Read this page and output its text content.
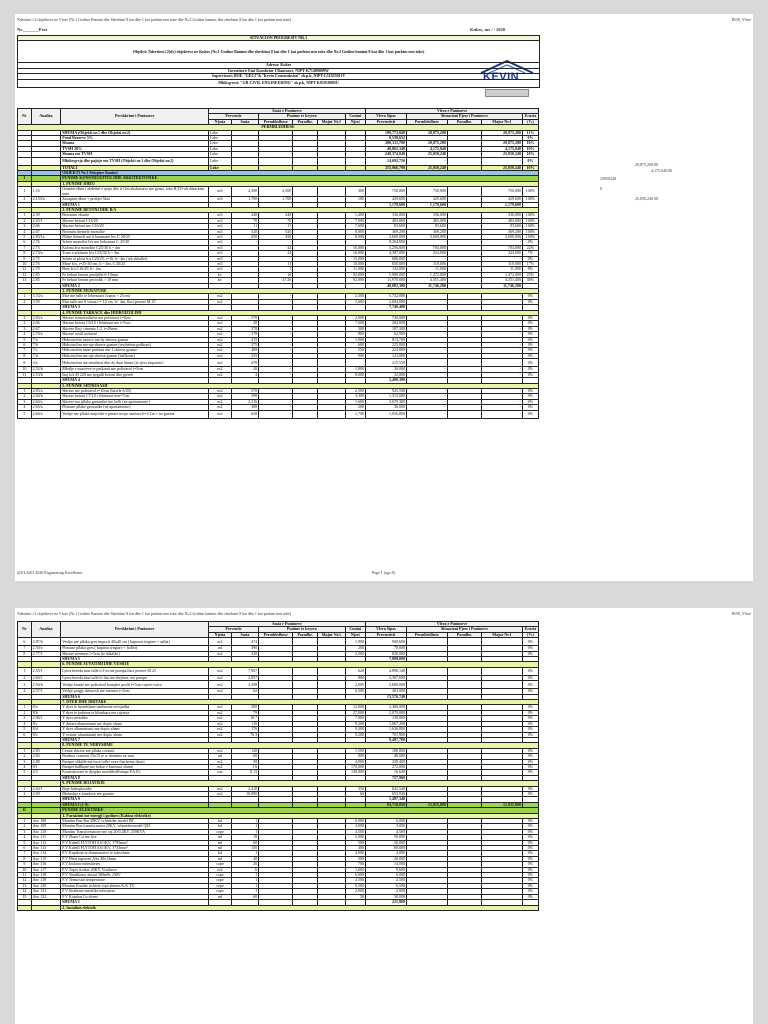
Ndertimi i 2 objekteve ne Vlore (Nr.1 Godine Banimi dhe Sherbimi 8 kat dhe 1 kat parkim nen toke dhe Nr.2 Godine banimi dhe sherbimi 8 kat dhe 1 kat parkim nen toke)	BOE_Vlore
Nr._______Prot	Kukes, me / / 2020
KEVIN
SITUACION PROGRESIV NR.1
Objekti: Ndertimi i 2(dy) objekteve ne Kukes (Nr.1 Godine Banimi dhe sherbimi 8 kat dhe 1 kat parkim nen toke dhe Nr.2 Godine banimi 8 kat dhe 1 kat parkim nen toke)
Adresa: Kukes
Investitori: Emi Kombetar I Banesave, NIPT-K71409009W
Supervizori: BOE "GECI"&"Kevin Construksion" sh.p.k, NIPT-L51925011V
Mbikqyresi: "GR CIVIL ENGINEERING" sh.p.k, NIPT-K91818005U
Nr	Analiza	Pershkrimi i Punimeve	Sasia e Punimeve						Vlera e Punimeve				
			Preventiv		Punime te kryera			Cmimi	Vlera Sipas	Situacioni Pjese i Punimeve			Ecuria
			Njesia	Sasia	Permbledhese	Pozadhe.	Majur Nr.1	Njesi	Preventivit	Permbledhese	Pozadhe.	Majur Nr.1	(%)
PERMBLEDHESE													
		SHUMA (Objekti nr.1 dhe Objekti nr.2)	Leke						190,773,040	20,875,200		20,875,200	11%
		Fond Rezerve 5%	Leke						9,538,652				0%
		Shuma	Leke						200,311,700	20,875,200		20,875,200	10%
		TVSH 20%	Leke						40,062,340	4,175,040		4,175,040	10%
		Shuma me TVSH	Leke						240,374,040	25,050,240		25,050,240	10%
		Mbikeqyrja dhe pajisje me TVSH (Objekti nr.1 dhe Objekti nr.2)	Leke						14,692,750	-		-	0%
		TOTALI	Leke						255,066,790	25,050,240		25,050,240	10%
		OBJEKTI Nr.1 Shtepine Banimi											
I		PUNIME KONSTRUKTIVE DHE ARKITEKTONIKE											
		1. PUNIME DHEU											
1	1.16	Germim dheu i zhdeshe e qerja dhe tr+2m ekskavator me goma, toka B,ZO-ali shkarkim auto	m3	2,500	2,500			300	750,000	750,000		750,000	100%
2	2.153/a	Zasupimi dheu + probjet 5km	m3	1,700	1,700			180	429,600	429,600		429,600	100%
		SHUMA 1							1,179,600	1,179,600		1,179,600	
		2. PUNIME BETONI DHE B/A											
1	2.39	Betonimi ekarite	m3	240	240			1,400	336,000	336,000		336,000	100%
2	2.65/1	Shtrese betoni C16/20	m3	70	70			7,000	483,000	483,000		483,000	100%
3	2.66	Shtrese betoni me C16/20	m3	11	11			7,600	83,600	83,600		83,600	100%
4	2.67	Betonim themele monolite	m3	520	520			8,000	369,200	369,200		369,200	100%
5	2.83/1a	Pllake themeli me h kazamate bw C 20/25	m3	450	450			8,000	3,600,000	3,600,000		3,600,000	100%
6	2.76	Solete monolite b/a me bekonaza C 25/30	m3	-	-				8,264,000	-		-	0%
7	2.73	Kolona b/a monolite C25/30 h ~ 4m	m3		44			16,000	3,256,000	704,000		704,000	22%
8	2.74/a	Trare e arkitrare b/a C25/30 h ~ 4m	m3		24			16,000	4,387,000	324,000		324,000	7%
9	2.75	Solete te plota b/a C20/25, t=16, h~ 4m (tek shkallet)	m3					15,000	600,000	-		-	0%
10	2.76	Mure b/a, t=25-30 cm, h ~ 4m, C 20/25	m3		11			10,000	650,000	110,000		110,000	17%
11	2.79	Brez b/a C16/20, h~ 4m	m3		1			11,000	132,000	11,000		11,000	8%
12	2.85	Fe hekuri betoni perdjelle 6-10mm	kv		16			92,000	5,980,000	1,472,000		1,472,000	25%
13	2.85	Fe hekuri betoni periodik > 10 mm	kv		47.26			92,000	11,970,000	4,351,400		4,351,400	36%
		SHUMA 2							40,082,300	11,746,200		11,746,200	
		3. PUNIME MURATURE											
1	3.74/a	Mur me tulle te lehtesuara (supas + 25cm)	m2		-			2,300	5,742,080	-		-	0%
2	3.59	Mur tulle me 6 vrima t = 12 cm, h~ 4m, llaci perzier M 25	m2		-			1,600	2,004,080	-		-	0%
		SHUMA 3							7,746,400				
		4. PUNIME TARRACE dhe HIDROIZOLIMI											
1	2.83/a	Shtrese termoizoluese me polisterol t=8cm	m2	370	-			2,000	740,000	-		-	0%
2	2.66	Shtrese betoni C6/10 i lehtesuar me t=5cm	m2	28	-			7,000	204,000	-		-	0%
3	2.67	Shtrese llaçi cimento 1:2, t=20mm	m2	378	-			300	107,300	-		-	0%
4	2.70/a	Shtrese avull izoluese	m2	378	-			800	62,900	-		-	0%
5	7/a	Hidroizolim tarrace me dy shtresa guaine	m2	415	-			1,900	813,700	-		-	0%
6	7/b	Hidroizolim me nje shtrese guaine (teythelme podkoni)	m2	375	-			600	225,000	-		-	0%
7	7/c	Hidroizolim mure parkimi me 1 shtrese guaine	m2	408	-			550	224,000	-		-	0%
8	7/d	Hidroizolim me nje shtrese guaine (ballkone)	m2	235	-			900	123,000	-		-	0%
9	4/a	Hidroizolim me emulsion dhe dy duar bitum (te tjera sieparate)	m2	478	-				215,550	-		-	0%
10	2.52/b	Mbulje e muroeve te parkimit me polisterol t=5cm	m2	20	-			1,800	36,000	-		-	0%
11	2.53/b	Izoj b/a M 220 me tjegulli betoni dhe pjerrët	m2	4	-			8,000	32,000	-		-	0%
		SHUMA 4							2,480,390				
		5. PUNIME SHTRESASH											
1	2.83/a	Shtrese me polisterol t=10cm (basele 6/20)	m2	370	-			2,500	925,500	-		-	0%
2	2.64/b	Shtrese betoni C7/10 i lehtesuar nen=7cm	m2	398	-			3,300	1,313,000	-		-	0%
3	2.64/a	Shtrese me pllaka gresonike me kolli (ne apartamente )	m2	2,316	-			1,600	3,679,300	-		-	0%
4	2.65/a	Plintuse pllake gresonike (ne apartamente)	m2	308	-			200	36,000	-		-	0%
5	2.66/a	Veshje me pllake majolike e pinare ne/pe sanitare h=2.1m + ne guzina	m2	628	-			1,700	1,056,000	-		-	0%
20,875,200.00
4,175,040.00
25050240
0
25,050,240.00
@ULAZO 2020 Engineering Excellence	Page 1 (ugs 8)
Ndertimi i 2 objekteve ne Vlore (Nr.1 Godine Banimi dhe Sherbimi 8 kat dhe 1 kat parkim nen toke dhe Nr.2 Godine banimi dhe sherbimi 8 kat dhe 1 kat parkim nen toke)	BOE_Vlore
Nr	Analiza	Pershkrimi i Punimeve	Sasia e Punimeve						Vlera e Punimeve				
			Preventiv		Punime te kryera			Cmimi	Vlera Sipas	Situacioni Pjese i Punimeve			Ecuria
			Njesia	Sasia	Permbledhese	Pozadhe.	Majur Nr.1	Njesi	Preventivit	Permbledhese	Pozadhe.	Majur Nr.1	(%)
6	2.87/b	Veshje me pllaka gres imporit 40x40 cm ( kapsion tregtare + sallat)	m2	474				1,900	900,600				0%
7	2.50/a	Plintuse pllaka gres ( kapsion tregtare + hollet)	ml	390				200	78,000				0%
8	2.77/1	Shtrese mermeri t=3cm (te shkallet)	m2	328				2,500	820,000				0%
		SHUMA 5							7,809,000				
		6. PUNIME SUVATIMI DHE VESHJE											
1	2.55/1	Lyera bereda mur tulle h 4 m me pompa,llaci perzier M 25	m2	7,907				620	4,890,140				0%
2	2.66/1	Lyera bereda mur tulle h~4m me drejtues, me pompe	m2	2,957				800	2,307,600				0%
3	2.56/b	Veshje fasade me polisterol komplet profil t=5cm+rrjete+suva	m2	2,398				2,000	5,680,000				0%
4	2.57/1	Veshje pragje dritaresh me mermer t=3cm	m2	62				6,500	403,000				0%
		SHUMA 6							13,576,740				
		7. DYER DHE DRITARE											
1	8/a	Y dyer te brendshme tamburate te/mjedha	m2	200				12,000	2,400,000				0%
2	8/b	Y dyer te jashtme te blinduara me rrjeteza	m2	79				27,000	2,079,000				0%
3	2.96/1	Y dyer metalike	m2	18.7				7,000	130,900				0%
4	8/c	Y dritare aluminiumi me dopio xham	m2	116				9,200	1,067,200				0%
5	8/d	Y dyer alluminiumi me dopio xham	m2	176				9,300	1,636,800				0%
6	8/e	Y vetrate aluminiumi me dopio xham	m2	76.3				9,200	701,900				0%
		SHUMA 7							8,497,780				
		8. PUNIME TE NDRYSHME											
1	2.83	Cemat shtrese me pllaka ceramic	m2	120				1,500	180,000				0%
2	2.84	Bordura cemenit 15x15 te w drenima ne mur	ml	60				800	48,000				0%
3	2.88	Parapet shkalle me inox tulle+xeza+barierine drurii	m2	58				4,000	239,400				0%
4	8/1	Parapet ballkone me hekur e kanitura xhami	m2	1.6				170,000	272,000				0%
5	4.5	Kontrukcione te djegdra metalike(Rampa P.A.K)	ton	0.13				130,000	16,640				0%
		SHUMA 8							757,960				
		9. PUNIME BOJATISJE											
1	2.63/1	Boje hidroplastike	m2	2,410				350	843,540				0%
2	2.69	Bleheshje e fasadave me graniro	m2	10,890				60	653,940				0%
		SHUMA 9							1,497,340				
		SHUMA I (1-9)							83,718,050	12,925,800		12,925,800	
II		PUNIME ELEKTRIKE											
		1. Furnizimi me energji i godines (Kabina elektrike)											
1	Anc 108	Montim Bus Bar 20KV, schnieder model IM	kd	1				6,000	6,000				0%
2	Anc 109	Montim Bus transformator,20KV, schneidermodel QM	kd	1				3,000	3,000				0%
3	Anc 110	Montim Transformatore me vaj 20/0.4KV, 250KVA	cope	1				4,500	4,500				0%
4	Anc 111	F.V Zbare Cu me fise	ml	10				5,000	50,000				0%
5	Anc 112	F.V Kabell FLYTOH 0,6/1KV, 1*95mm²	ml	60				500	30,000				0%
6	Anc 113	F.V Kabell FLYTOH 0,6/1KV, 1*35mm²	ml	150				400	60,000				0%
7	Anc 114	F.V Kapikota te dimensionve te ndryshme	kd	1				4,000	4,000				0%
8	Anc 115	F.V Hieri tuperoni ASa 40x14mm	ml	40				500	20,000				0%
9	Anc 116	F.V Izolator mbeshtetes	cope	20				700	14,000				0%
10	Anc 117	F.V Tapet izolant 20KV, Vrasluise	m2	6				1,600	9,600				0%
11	Anc 118	F.V Vendikator aksial 380m³h, 230V	cope	1				6,000	6,000				0%
12	Anc 119	F.V Termostat temperature	cope	1				2,500	2,500				0%
13	Anc 120	Montim Kuadar rishtete topa shtetes K.K.TU	cope	1				6,500	6,500				0%
14	Anc 121	F.V Sistheme metalike mbrojtese	cope	1				2,000	2,000				0%
15	Anc 122	F.V Kondon Cu sfrem	ml	60				50	30,000				0%
		SHUMA 1							221,900				
		2. Instalimi elektrik											
